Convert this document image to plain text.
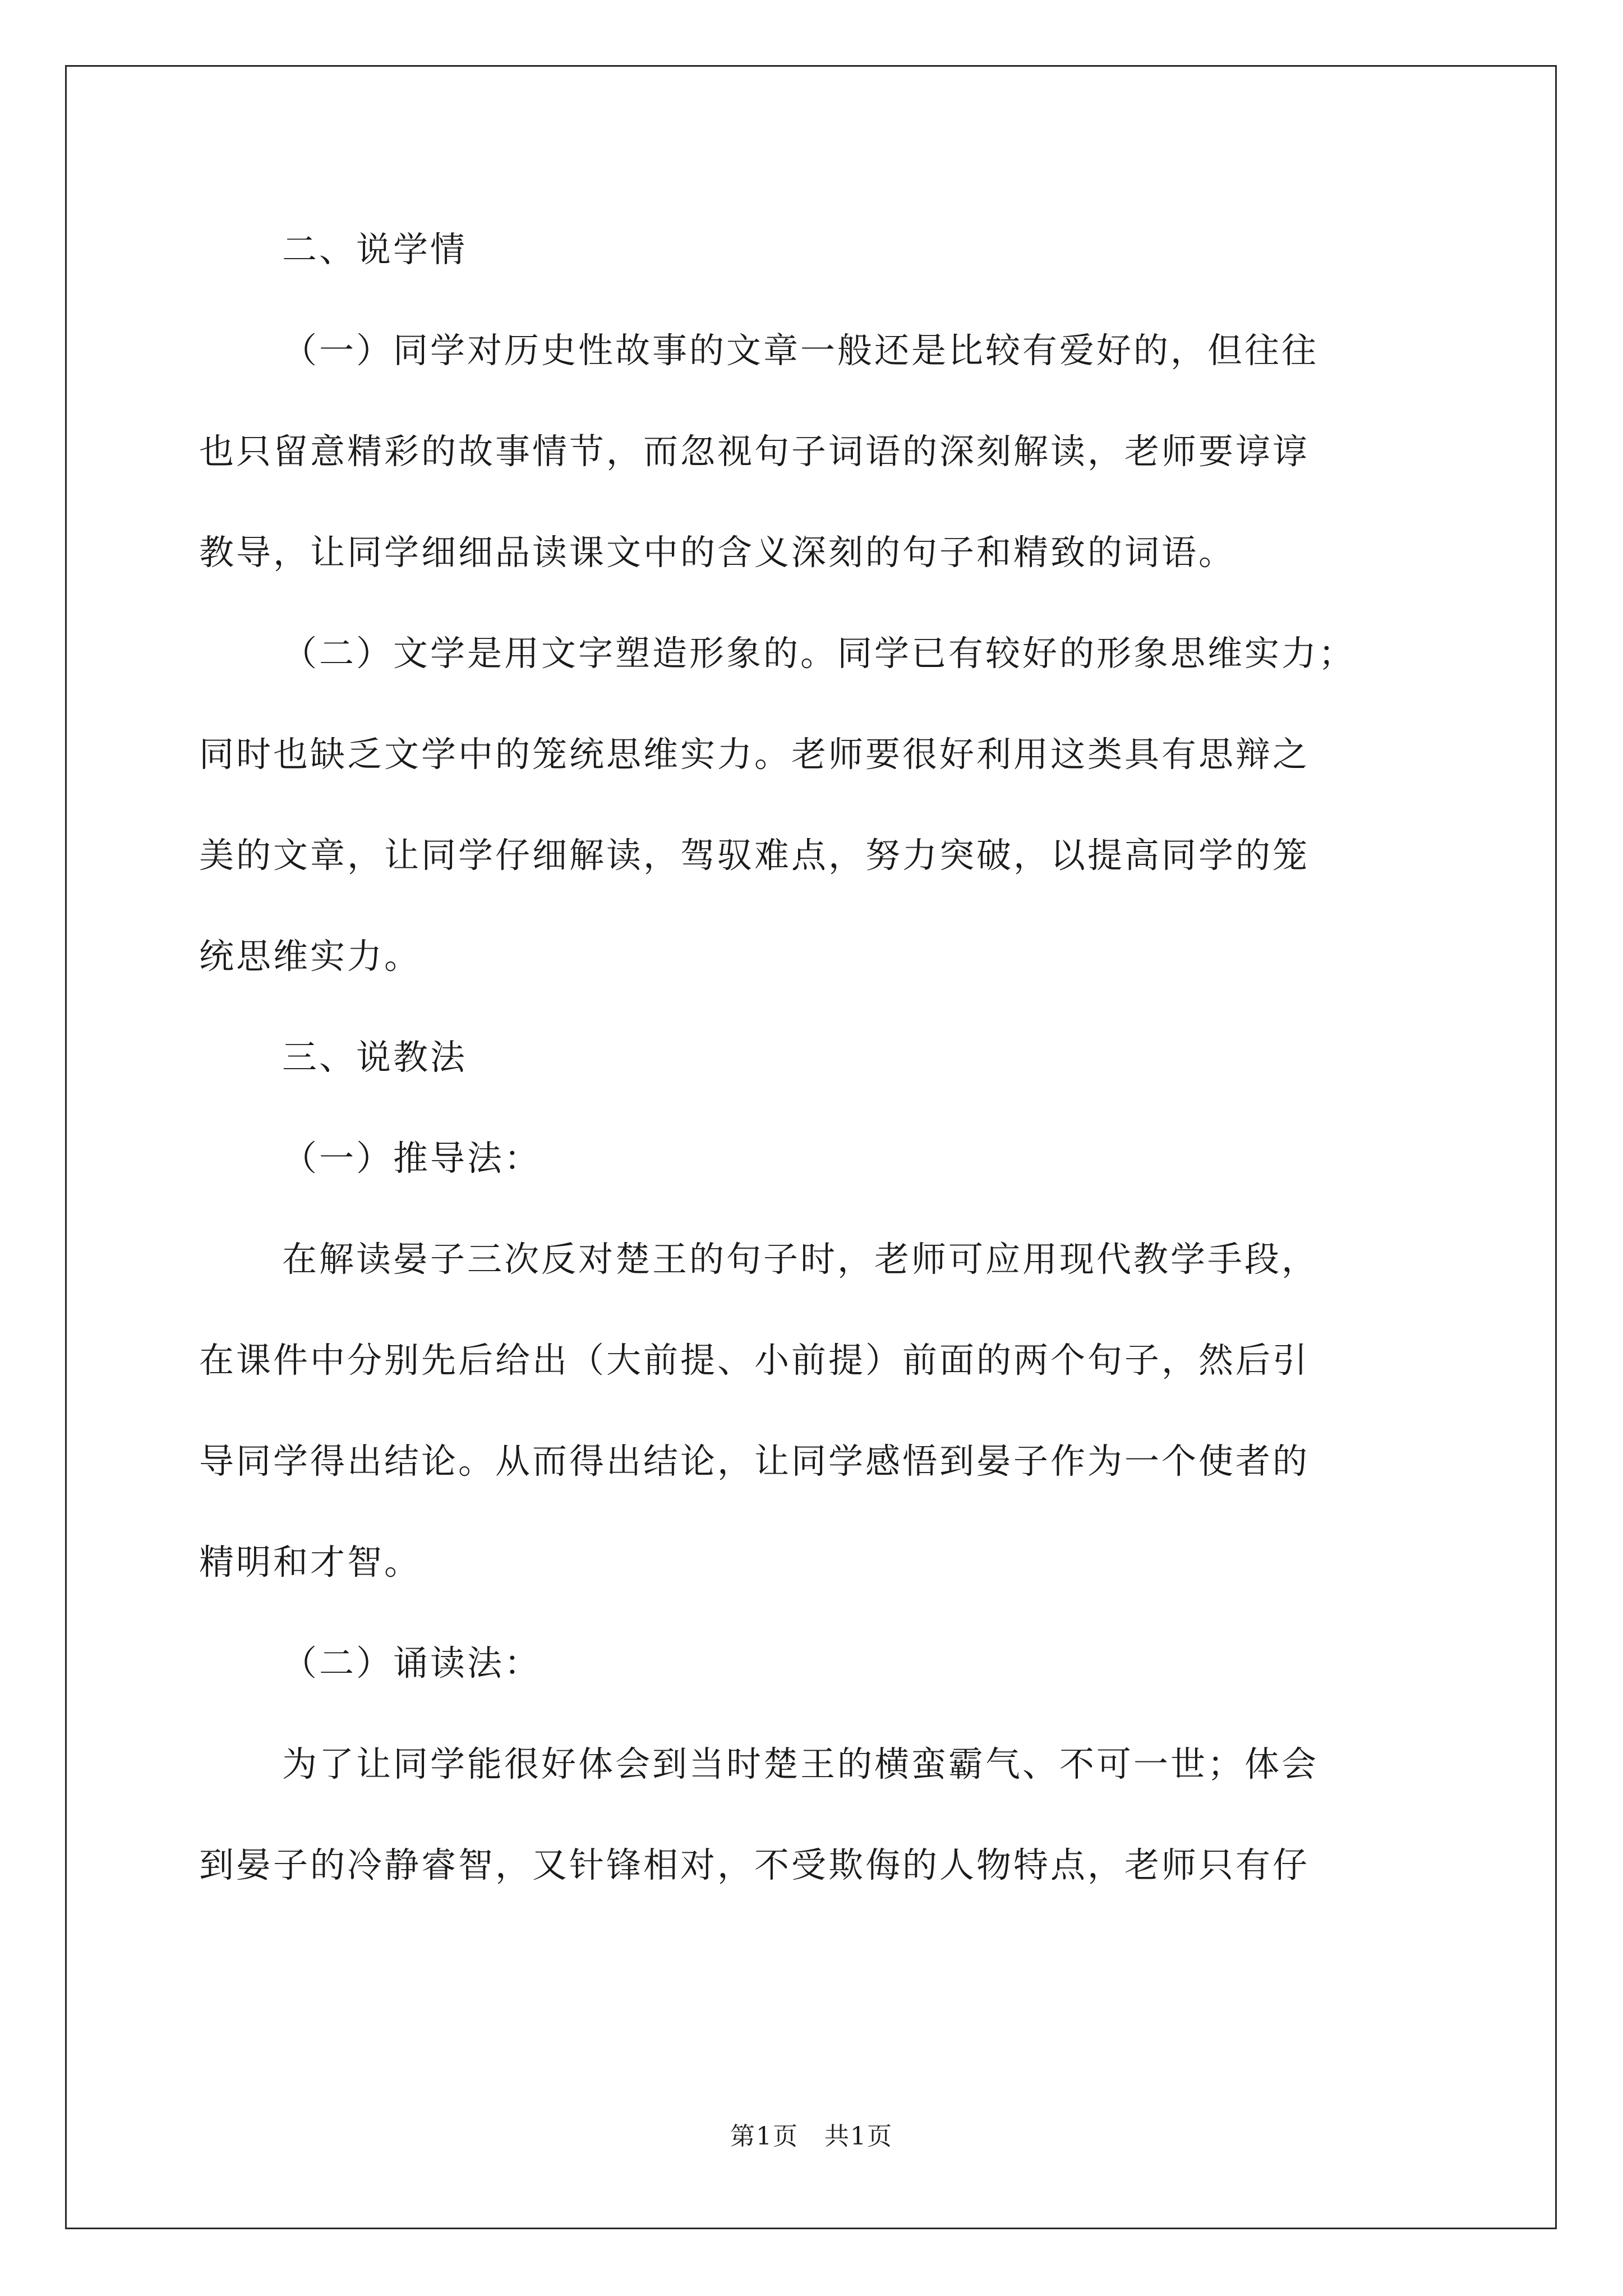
二、说学情
（一）同学对历史性故事的文章一般还是比较有爱好的，但往往
也只留意精彩的故事情节，而忽视句子词语的深刻解读，老师要谆谆
教导，让同学细细品读课文中的含义深刻的句子和精致的词语。
（二）文学是用文字塑造形象的。同学已有较好的形象思维实力；
同时也缺乏文学中的笼统思维实力。老师要很好利用这类具有思辩之
美的文章，让同学仔细解读，驾驭难点，努力突破，以提高同学的笼
统思维实力。
三、说教法
（一）推导法：
在解读晏子三次反对楚王的句子时，老师可应用现代教学手段，
在课件中分别先后给出（大前提、小前提）前面的两个句子，然后引
导同学得出结论。从而得出结论，让同学感悟到晏子作为一个使者的
精明和才智。
（二）诵读法：
为了让同学能很好体会到当时楚王的横蛮霸气、不可一世；体会
到晏子的冷静睿智，又针锋相对，不受欺侮的人物特点，老师只有仔
第1页　共1页
